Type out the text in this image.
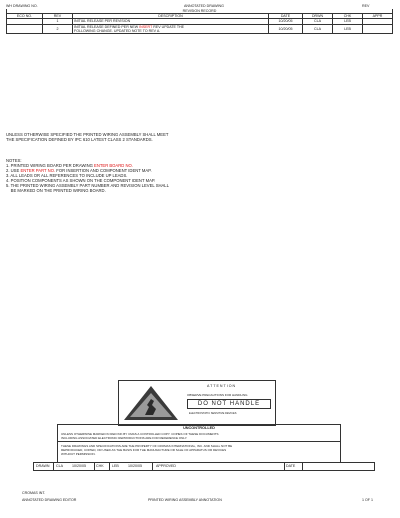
WH DRAWING NO.	ANNOTATED DRAWING	REV
REVISION RECORD						
ECO NO.	REV	DESCRIPTION	DATE	DRWN	CHK	APPR
	1	INITIAL RELEASE PER REVISION	10/20/05	CLA	LEB	
	2	INITIAL RELEASE DEFINED PER NEW INSERT REV UPDATE THE
FOLLOWING CHANGE. UPDATED NOTE TO REV A.	10/20/05	CLA	LEB	
UNLESS OTHERWISE SPECIFIED THE PRINTED WIRING ASSEMBLY SHALL MEET
THE SPECIFICATION DEFINED BY IPC 610 LATEST CLASS 2 STANDARDS.
NOTES:
1. PRINTED WIRING BOARD PER DRAWING ENTER BOARD NO.
2. USE ENTER PART NO. FOR INSERTION AND COMPONENT IDENT MAP.
3. ALL LEADS OR ALL REFERENCES TO INCLUDE UP LEADS.
4. POSITION COMPONENTS AS SHOWN ON THE COMPONENT IDENT MAP.
5. THE PRINTED WIRING ASSEMBLY PART NUMBER AND REVISION LEVEL SHALL
BE MARKED ON THE PRINTED WIRING BOARD.
ATTENTION
OBSERVE PRECAUTIONS FOR HANDLING
DO NOT HANDLE
ELECTROSTATIC SENSITIVE DEVICES
UNCONTROLLED
UNLESS OTHERWISE MARKED IN RED INK BY CMAS A CONTROLLED COPY. COPIES OF THESE DOCUMENTS
INCLUDING ASSOCIATED ELECTRONIC REPRODUCTIONS ARE FOR REFERENCE ONLY.
THESE DRAWINGS AND SPECIFICATIONS ARE THE PROPERTY OF CROMAS INTERNATIONAL, INC. AND SHALL NOT BE
REPRODUCED, COPIED, OR USED AS THE BASIS FOR THE MANUFACTURE OR SALE OF APPARATUS OR DEVICES
WITHOUT PERMISSION.
DRAWN CLA	10/20/05	CHK LEB	10/20/05	APPROVED	DATE
CROMAS INT.
ANNOTATED DRAWING EDITOR	PRINTED WIRING ASSEMBLY ANNOTATION	1 OF 1
